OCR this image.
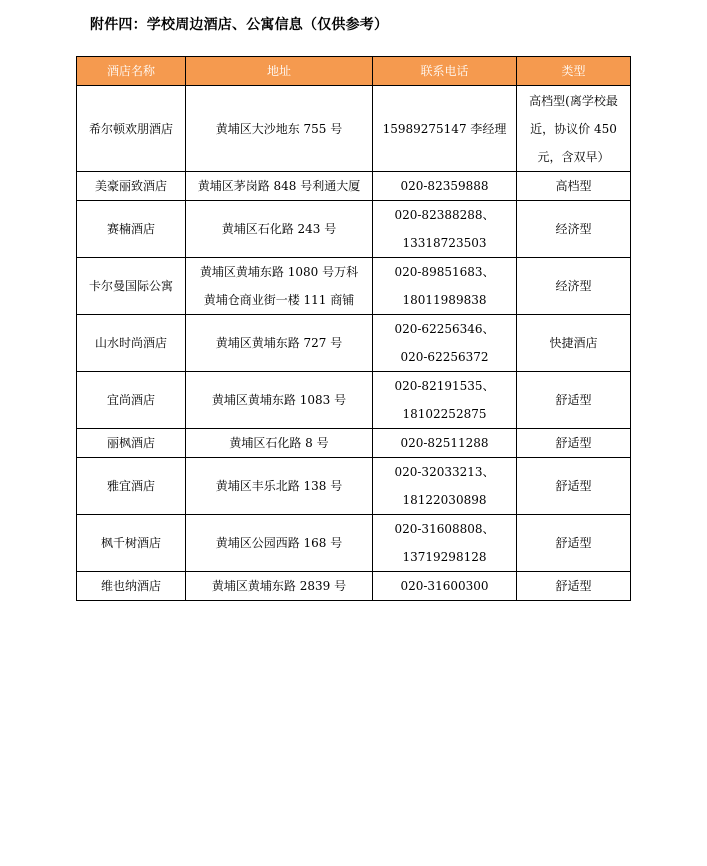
附件四：学校周边酒店、公寓信息（仅供参考）
酒店名称	地址	联系电话	类型

希尔顿欢朋酒店	黄埔区大沙地东 755 号	15989275147 李经理	高档型(离学校最
近，协议价 450
元，含双早）

美豪丽致酒店	黄埔区茅岗路 848 号利通大厦	020-82359888	高档型

赛楠酒店	黄埔区石化路 243 号	020-82388288、
13318723503	经济型

卡尔曼国际公寓	黄埔区黄埔东路 1080 号万科
黄埔仓商业街一楼 111 商铺	020-89851683、
18011989838	经济型

山水时尚酒店	黄埔区黄埔东路 727 号	020-62256346、
020-62256372	快捷酒店

宜尚酒店	黄埔区黄埔东路 1083 号	020-82191535、
18102252875	舒适型

丽枫酒店	黄埔区石化路 8 号	020-82511288	舒适型

雅宜酒店	黄埔区丰乐北路 138 号	020-32033213、
18122030898	舒适型

枫千树酒店	黄埔区公园西路 168 号	020-31608808、
13719298128	舒适型

维也纳酒店	黄埔区黄埔东路 2839 号	020-31600300	舒适型
